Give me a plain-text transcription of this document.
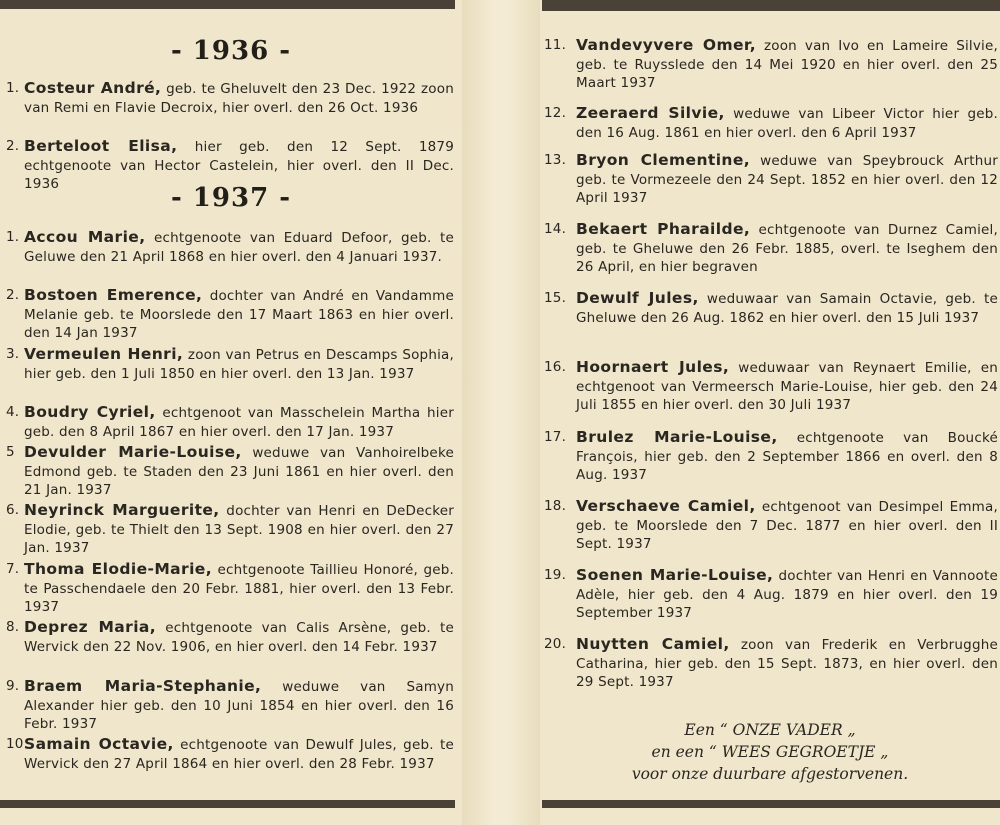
- 1936 -
1. Costeur André, geb. te Gheluvelt den 23 Dec. 1922 zoon van Remi en Flavie Decroix, hier overl. den 26 Oct. 1936
2. Berteloot Elisa, hier geb. den 12 Sept. 1879 echtgenoote van Hector Castelein, hier overl. den II Dec. 1936	- 1937 -
1. Accou Marie, echtgenoote van Eduard Defoor, geb. te Geluwe den 21 April 1868 en hier overl. den 4 Januari 1937.
2. Bostoen Emerence, dochter van André en Vandamme Melanie geb. te Moorslede den 17 Maart 1863 en hier overl. den 14 Jan 1937
3. Vermeulen Henri, zoon van Petrus en Descamps Sophia, hier geb. den 1 Juli 1850 en hier overl. den 13 Jan. 1937
4. Boudry Cyriel, echtgenoot van Masschelein Martha hier geb. den 8 April 1867 en hier overl. den 17 Jan. 1937
5 Devulder Marie-Louise, weduwe van Vanhoirelbeke Edmond geb. te Staden den 23 Juni 1861 en hier overl. den 21 Jan. 1937
6. Neyrinck Marguerite, dochter van Henri en DeDecker Elodie, geb. te Thielt den 13 Sept. 1908 en hier overl. den 27 Jan. 1937
7. Thoma Elodie-Marie, echtgenoote Taillieu Honoré, geb. te Passchendaele den 20 Febr. 1881, hier overl. den 13 Febr. 1937
8. Deprez Maria, echtgenoote van Calis Arsène, geb. te Wervick den 22 Nov. 1906, en hier overl. den 14 Febr. 1937
9. Braem Maria-Stephanie, weduwe van Samyn Alexander hier geb. den 10 Juni 1854 en hier overl. den 16 Febr. 1937
10.
Samain Octavie, echtgenoote van Dewulf Jules, geb. te Wervick den 27 April 1864 en hier overl. den 28 Febr. 1937
11. Vandevyvere Omer, zoon van Ivo en Lameire Silvie, geb. te Ruysslede den 14 Mei 1920 en hier overl. den 25 Maart 1937
12. Zeeraerd Silvie, weduwe van Libeer Victor hier geb. den 16 Aug. 1861 en hier overl. den 6 April 1937
13. Bryon Clementine, weduwe van Speybrouck Arthur geb. te Vormezeele den 24 Sept. 1852 en hier overl. den 12 April 1937
14. Bekaert Pharailde, echtgenoote van Durnez Camiel, geb. te Gheluwe den 26 Febr. 1885, overl. te Iseghem den 26 April, en hier begraven
15. Dewulf Jules, weduwaar van Samain Octavie, geb. te Gheluwe den 26 Aug. 1862 en hier overl. den 15 Juli 1937
16. Hoornaert Jules, weduwaar van Reynaert Emilie, en echtgenoot van Vermeersch Marie-Louise, hier geb. den 24 Juli 1855 en hier overl. den 30 Juli 1937
17. Brulez Marie-Louise, echtgenoote van Boucké François, hier geb. den 2 September 1866 en overl. den 8 Aug. 1937
18. Verschaeve Camiel, echtgenoot van Desimpel Emma, geb. te Moorslede den 7 Dec. 1877 en hier overl. den II Sept. 1937
19. Soenen Marie-Louise, dochter van Henri en Vannoote Adèle, hier geb. den 4 Aug. 1879 en hier overl. den 19 September 1937
20. Nuytten Camiel, zoon van Frederik en Verbrugghe Catharina, hier geb. den 15 Sept. 1873, en hier overl. den 29 Sept. 1937
Een “ ONZE VADER „
en een “ WEES GEGROETJE „
voor onze duurbare afgestorvenen.
